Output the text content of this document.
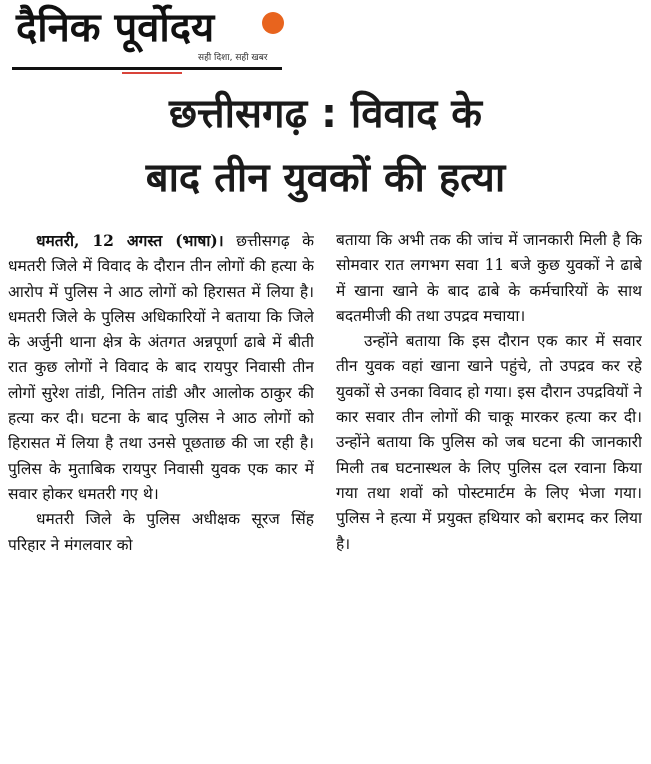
दैनिक पूर्वोदय
सही दिशा, सही खबर
छत्तीसगढ़ : विवाद के
बाद तीन युवकों की हत्या

धमतरी, 12 अगस्त (भाषा)। छत्तीसगढ़ के धमतरी जिले में विवाद के दौरान तीन लोगों की हत्या के आरोप में पुलिस ने आठ लोगों को हिरासत में लिया है। धमतरी जिले के पुलिस अधिकारियों ने बताया कि जिले के अर्जुनी थाना क्षेत्र के अंतगत अन्नपूर्णा ढाबे में बीती रात कुछ लोगों ने विवाद के बाद रायपुर निवासी तीन लोगों सुरेश तांडी, नितिन तांडी और आलोक ठाकुर की हत्या कर दी। घटना के बाद पुलिस ने आठ लोगों को हिरासत में लिया है तथा उनसे पूछताछ की जा रही है। पुलिस के मुताबिक रायपुर निवासी युवक एक कार में सवार होकर धमतरी गए थे।

धमतरी जिले के पुलिस अधीक्षक सूरज सिंह परिहार ने मंगलवार को

बताया कि अभी तक की जांच में जानकारी मिली है कि सोमवार रात लगभग सवा 11 बजे कुछ युवकों ने ढाबे में खाना खाने के बाद ढाबे के कर्मचारियों के साथ बदतमीजी की तथा उपद्रव मचाया।

उन्होंने बताया कि इस दौरान एक कार में सवार तीन युवक वहां खाना खाने पहुंचे, तो उपद्रव कर रहे युवकों से उनका विवाद हो गया। इस दौरान उपद्रवियों ने कार सवार तीन लोगों की चाकू मारकर हत्या कर दी। उन्होंने बताया कि पुलिस को जब घटना की जानकारी मिली तब घटनास्थल के लिए पुलिस दल रवाना किया गया तथा शवों को पोस्टमार्टम के लिए भेजा गया। पुलिस ने हत्या में प्रयुक्त हथियार को बरामद कर लिया है।
